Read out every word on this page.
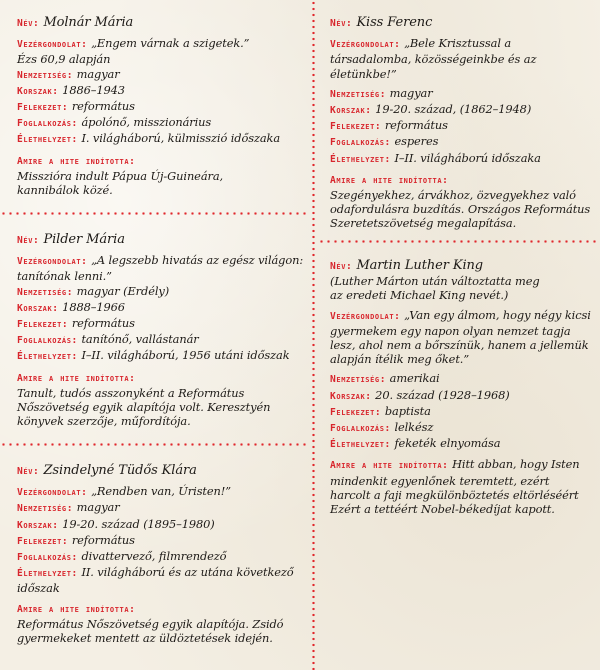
Név: Molnár Mária
Vezérgondolat: „Engem várnak a szigetek.”
Ézs 60,9 alapján
Nemzetiség: magyar
Korszak: 1886–1943
Felekezet: református
Foglalkozás: ápolónő, misszionárius
Élethelyzet: I. világháború, külmisszió időszaka
Amire a hite indította:
Misszióra indult Pápua Új-Guineára, kannibálok közé.
Név: Pilder Mária
Vezérgondolat: „A legszebb hivatás az egész világon: tanítónak lenni.”
Nemzetiség: magyar (Erdély)
Korszak: 1888–1966
Felekezet: református
Foglalkozás: tanítónő, vallástanár
Élethelyzet: I–II. világháború, 1956 utáni időszak
Amire a hite indította:
Tanult, tudós asszonyként a Református Nőszövetség egyik alapítója volt. Keresztyén könyvek szerzője, műfordítója.
Név: Zsindelyné Tüdős Klára
Vezérgondolat: „Rendben van, Úristen!”
Nemzetiség: magyar
Korszak: 19-20. század (1895–1980)
Felekezet: református
Foglalkozás: divattervező, filmrendező
Élethelyzet: II. világháború és az utána következő időszak
Amire a hite indította:
Református Nőszövetség egyik alapítója. Zsidó gyermekeket mentett az üldöztetések idején.
Név: Kiss Ferenc
Vezérgondolat: „Bele Krisztussal a társadalomba, közösségeinkbe és az életünkbe!”
Nemzetiség: magyar
Korszak: 19-20. század, (1862–1948)
Felekezet: református
Foglalkozás: esperes
Élethelyzet: I–II. világháború időszaka
Amire a hite indította:
Szegényekhez, árvákhoz, özvegyekhez való odafordulásra buzdítás. Országos Református Szeretetszövetség megalapítása.
Név: Martin Luther King
(Luther Márton után változtatta meg az eredeti Michael King nevét.)
Vezérgondolat: „Van egy álmom, hogy négy kicsi gyermekem egy napon olyan nemzet tagja lesz, ahol nem a bőrszínük, hanem a jellemük alapján ítélik meg őket.”
Nemzetiség: amerikai
Korszak: 20. század (1928–1968)
Felekezet: baptista
Foglalkozás: lelkész
Élethelyzet: feketék elnyomása
Amire a hite indította: Hitt abban, hogy Isten mindenkit egyenlőnek teremtett, ezért harcolt a faji megkülönböztetés eltörléséért Ezért a tettéért Nobel-békedíjat kapott.
